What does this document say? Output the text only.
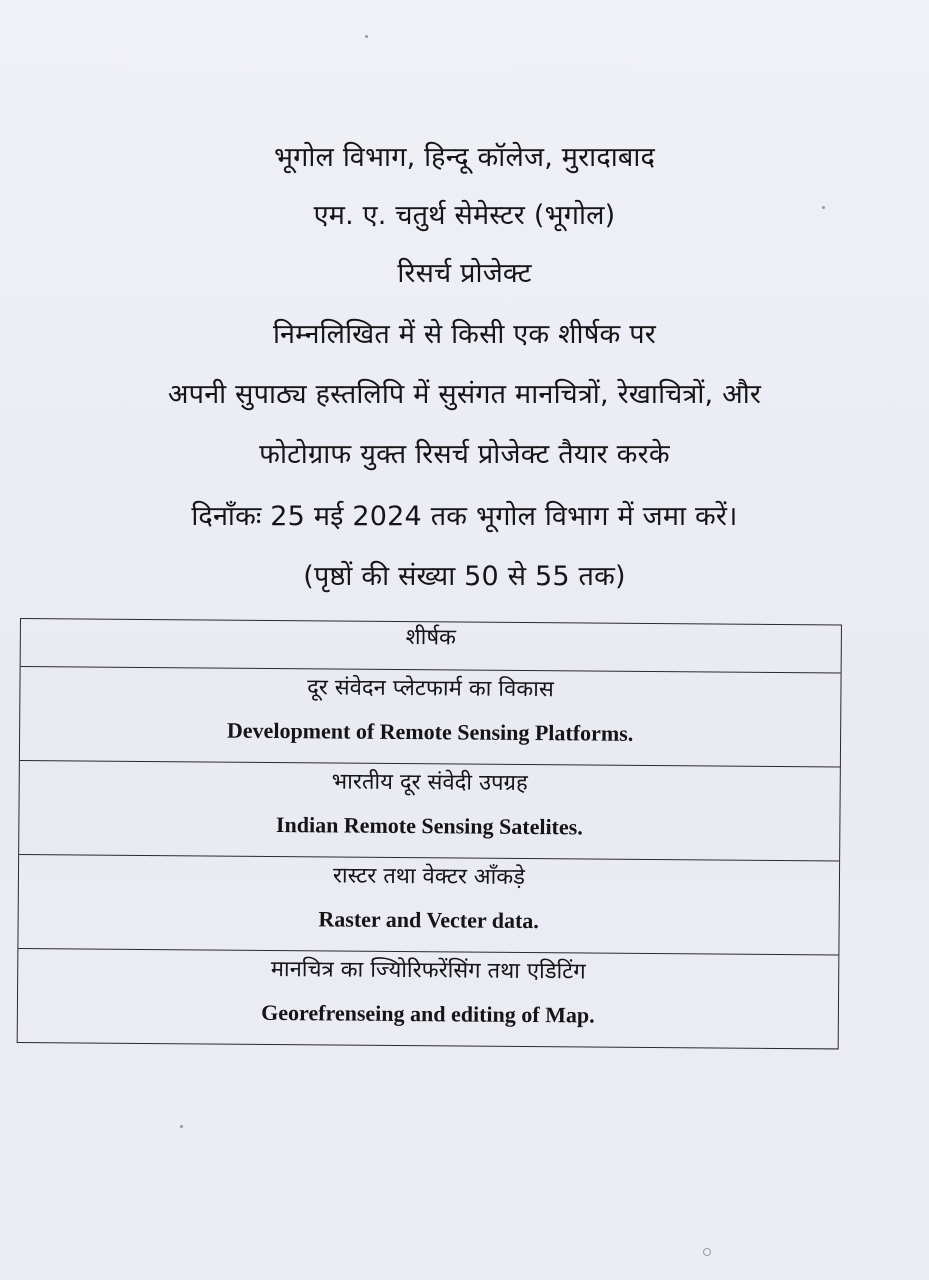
भूगोल विभाग, हिन्दू कॉलेज, मुरादाबाद
एम. ए. चतुर्थ सेमेस्टर (भूगोल)
रिसर्च प्रोजेक्ट
निम्नलिखित में से किसी एक शीर्षक पर
अपनी सुपाठ्य हस्तलिपि में सुसंगत मानचित्रों, रेखाचित्रों, और
फोटोग्राफ युक्त रिसर्च प्रोजेक्ट तैयार करके
दिनाँकः 25 मई 2024 तक भूगोल विभाग में जमा करें।
(पृष्ठों की संख्या 50 से 55 तक)
शीर्षक
दूर संवेदन प्लेटफार्म का विकास
Development of Remote Sensing Platforms.
भारतीय दूर संवेदी उपग्रह
Indian Remote Sensing Satelites.
रास्टर तथा वेक्टर आँकड़े
Raster and Vecter data.
मानचित्र का ज्यिोरिफरेंसिंग तथा एडिटिंग
Georefrenseing and editing of Map.
